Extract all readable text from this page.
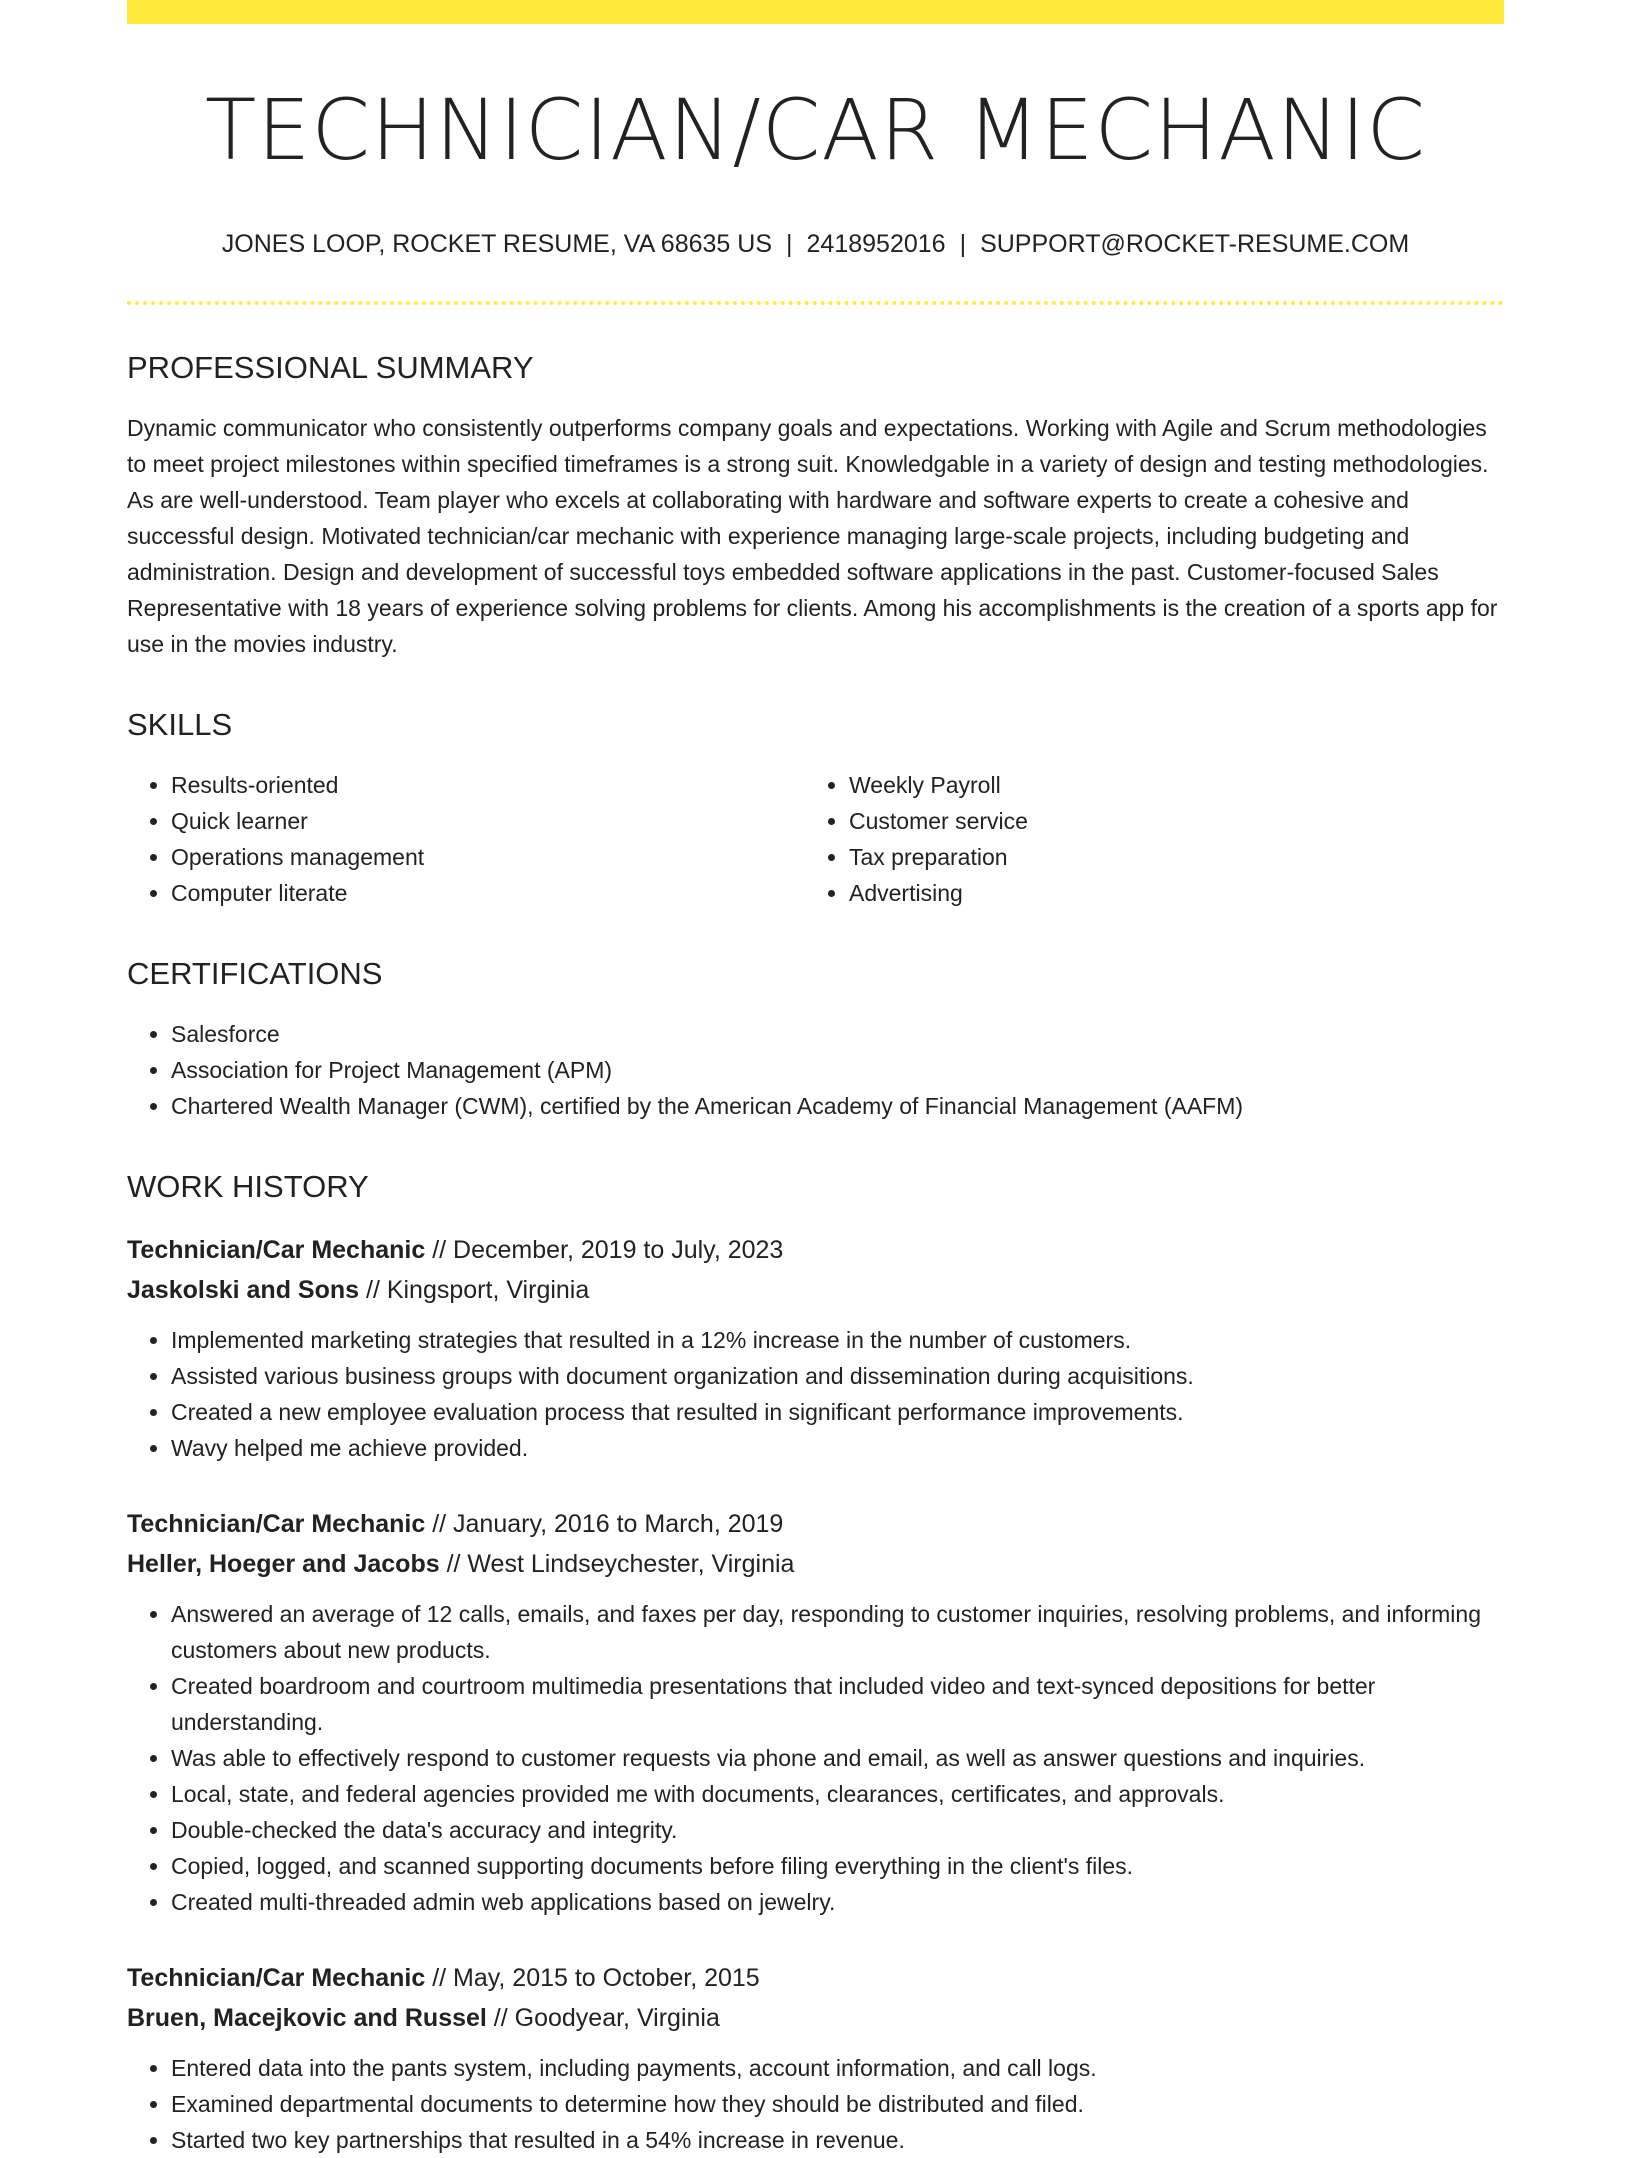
TECHNICIAN/CAR MECHANIC
JONES LOOP, ROCKET RESUME, VA 68635 US | 2418952016 | SUPPORT@ROCKET-RESUME.COM
PROFESSIONAL SUMMARY

Dynamic communicator who consistently outperforms company goals and expectations. Working with Agile and Scrum methodologies to meet project milestones within specified timeframes is a strong suit. Knowledgable in a variety of design and testing methodologies. As are well-understood. Team player who excels at collaborating with hardware and software experts to create a cohesive and successful design. Motivated technician/car mechanic with experience managing large-scale projects, including budgeting and administration. Design and development of successful toys embedded software applications in the past. Customer-focused Sales Representative with 18 years of experience solving problems for clients. Among his accomplishments is the creation of a sports app for use in the movies industry.

SKILLS
• Results-oriented
• Quick learner
• Operations management
• Computer literate
• Weekly Payroll
• Customer service
• Tax preparation
• Advertising
CERTIFICATIONS
• Salesforce
• Association for Project Management (APM)
• Chartered Wealth Manager (CWM), certified by the American Academy of Financial Management (AAFM)
WORK HISTORY
Technician/Car Mechanic // December, 2019 to July, 2023
Jaskolski and Sons // Kingsport, Virginia
• Implemented marketing strategies that resulted in a 12% increase in the number of customers.
• Assisted various business groups with document organization and dissemination during acquisitions.
• Created a new employee evaluation process that resulted in significant performance improvements.
• Wavy helped me achieve provided.
Technician/Car Mechanic // January, 2016 to March, 2019
Heller, Hoeger and Jacobs // West Lindseychester, Virginia
• Answered an average of 12 calls, emails, and faxes per day, responding to customer inquiries, resolving problems, and informing customers about new products.
• Created boardroom and courtroom multimedia presentations that included video and text-synced depositions for better understanding.
• Was able to effectively respond to customer requests via phone and email, as well as answer questions and inquiries.
• Local, state, and federal agencies provided me with documents, clearances, certificates, and approvals.
• Double-checked the data's accuracy and integrity.
• Copied, logged, and scanned supporting documents before filing everything in the client's files.
• Created multi-threaded admin web applications based on jewelry.
Technician/Car Mechanic // May, 2015 to October, 2015
Bruen, Macejkovic and Russel // Goodyear, Virginia
• Entered data into the pants system, including payments, account information, and call logs.
• Examined departmental documents to determine how they should be distributed and filed.
• Started two key partnerships that resulted in a 54% increase in revenue.
